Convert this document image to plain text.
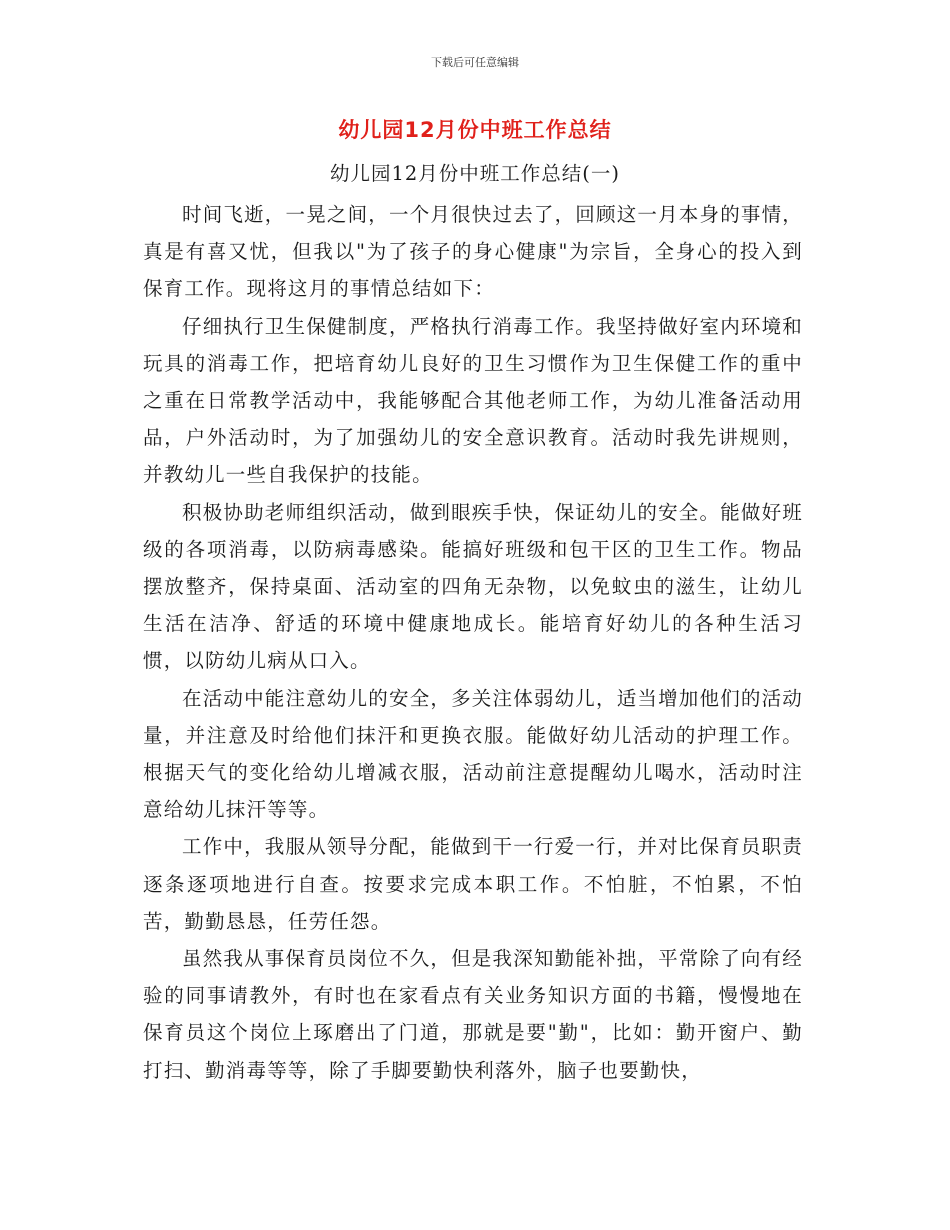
下载后可任意编辑
幼儿园12月份中班工作总结
幼儿园12月份中班工作总结(一)

时间飞逝，一晃之间，一个月很快过去了，回顾这一月本身的事情，真是有喜又忧，但我以"为了孩子的身心健康"为宗旨，全身心的投入到保育工作。现将这月的事情总结如下：

仔细执行卫生保健制度，严格执行消毒工作。我坚持做好室内环境和玩具的消毒工作，把培育幼儿良好的卫生习惯作为卫生保健工作的重中之重在日常教学活动中，我能够配合其他老师工作，为幼儿准备活动用品，户外活动时，为了加强幼儿的安全意识教育。活动时我先讲规则，并教幼儿一些自我保护的技能。

积极协助老师组织活动，做到眼疾手快，保证幼儿的安全。能做好班级的各项消毒，以防病毒感染。能搞好班级和包干区的卫生工作。物品摆放整齐，保持桌面、活动室的四角无杂物，以免蚊虫的滋生，让幼儿生活在洁净、舒适的环境中健康地成长。能培育好幼儿的各种生活习惯，以防幼儿病从口入。

在活动中能注意幼儿的安全，多关注体弱幼儿，适当增加他们的活动量，并注意及时给他们抹汗和更换衣服。能做好幼儿活动的护理工作。根据天气的变化给幼儿增减衣服，活动前注意提醒幼儿喝水，活动时注意给幼儿抹汗等等。

工作中，我服从领导分配，能做到干一行爱一行，并对比保育员职责逐条逐项地进行自查。按要求完成本职工作。不怕脏，不怕累，不怕苦，勤勤恳恳，任劳任怨。

虽然我从事保育员岗位不久，但是我深知勤能补拙，平常除了向有经验的同事请教外，有时也在家看点有关业务知识方面的书籍，慢慢地在保育员这个岗位上琢磨出了门道，那就是要"勤"，比如：勤开窗户、勤打扫、勤消毒等等，除了手脚要勤快利落外，脑子也要勤快，
